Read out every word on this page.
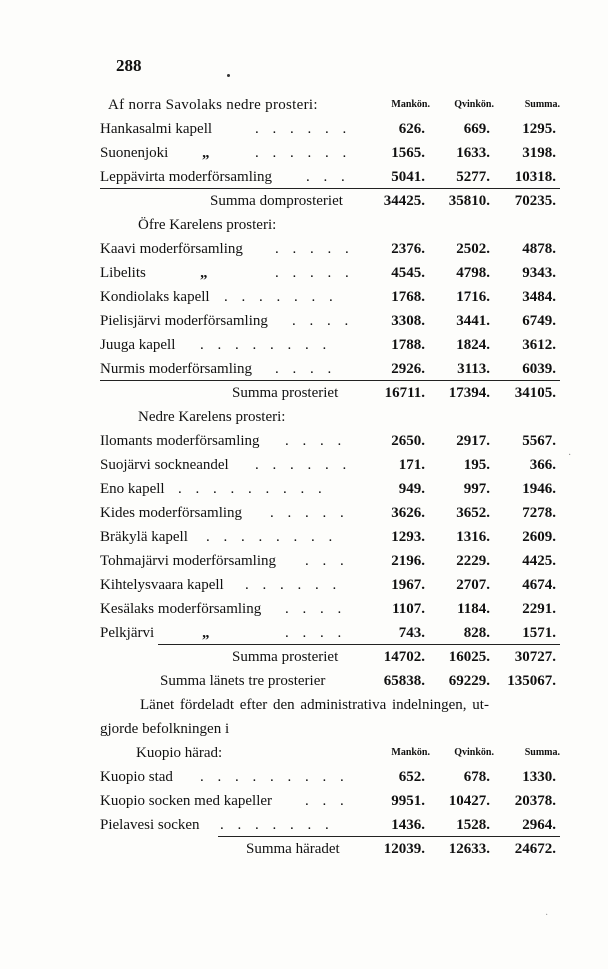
288
·
·
Af norra Savolaks nedre prosteri:	Mankön. Qvinkön.	Summa.
Hankasalmi kapell	. . . . . .	626.	669. 1295.
Suonenjoki „	. . . . . .	1565. 1633. 3198.
Leppävirta moderförsamling . . .	5041. 5277. 10318.
Summa domprosteriet	34425. 35810. 70235.
Öfre Karelens prosteri:
Kaavi moderförsamling . . . . .	2376. 2502. 4878.
Libelits	„	. . . . .	4545. 4798. 9343.
Kondiolaks kapell . . . . . . .	1768. 1716. 3484.
Pielisjärvi moderförsamling . . . .	3308. 3441. 6749.
Juuga kapell . . . . . . . .	1788. 1824. 3612.
Nurmis moderförsamling . . . .	2926. 3113. 6039.
Summa prosteriet	16711. 17394. 34105.
Nedre Karelens prosteri:
Ilomants moderförsamling . . . .	2650. 2917. 5567.
Suojärvi sockneandel . . . . . .	171.	195.	366.
Eno kapell . . . . . . . . .	949.	997. 1946.
Kides moderförsamling . . . . .	3626. 3652. 7278.
Bräkylä kapell . . . . . . . .	1293. 1316. 2609.
Tohmajärvi moderförsamling . . .	2196. 2229. 4425.
Kihtelysvaara kapell . . . . . .	1967. 2707. 4674.
Kesälaks moderförsamling . . . .	1107. 1184. 2291.
Pelkjärvi	„	. . . .	743.	828. 1571.
Summa prosteriet	14702. 16025. 30727.
Summa länets tre prosterier	65838. 69229. 135067.
Länet fördeladt efter den administrativa indelningen, ut-
gjorde befolkningen i
Kuopio härad:	Mankön. Qvinkön.	Summa.
Kuopio stad . . . . . . . . .	652.	678. 1330.
Kuopio socken med kapeller . . .	9951. 10427. 20378.
Pielavesi socken . . . . . . .	1436. 1528. 2964.
Summa häradet	12039. 12633. 24672.
